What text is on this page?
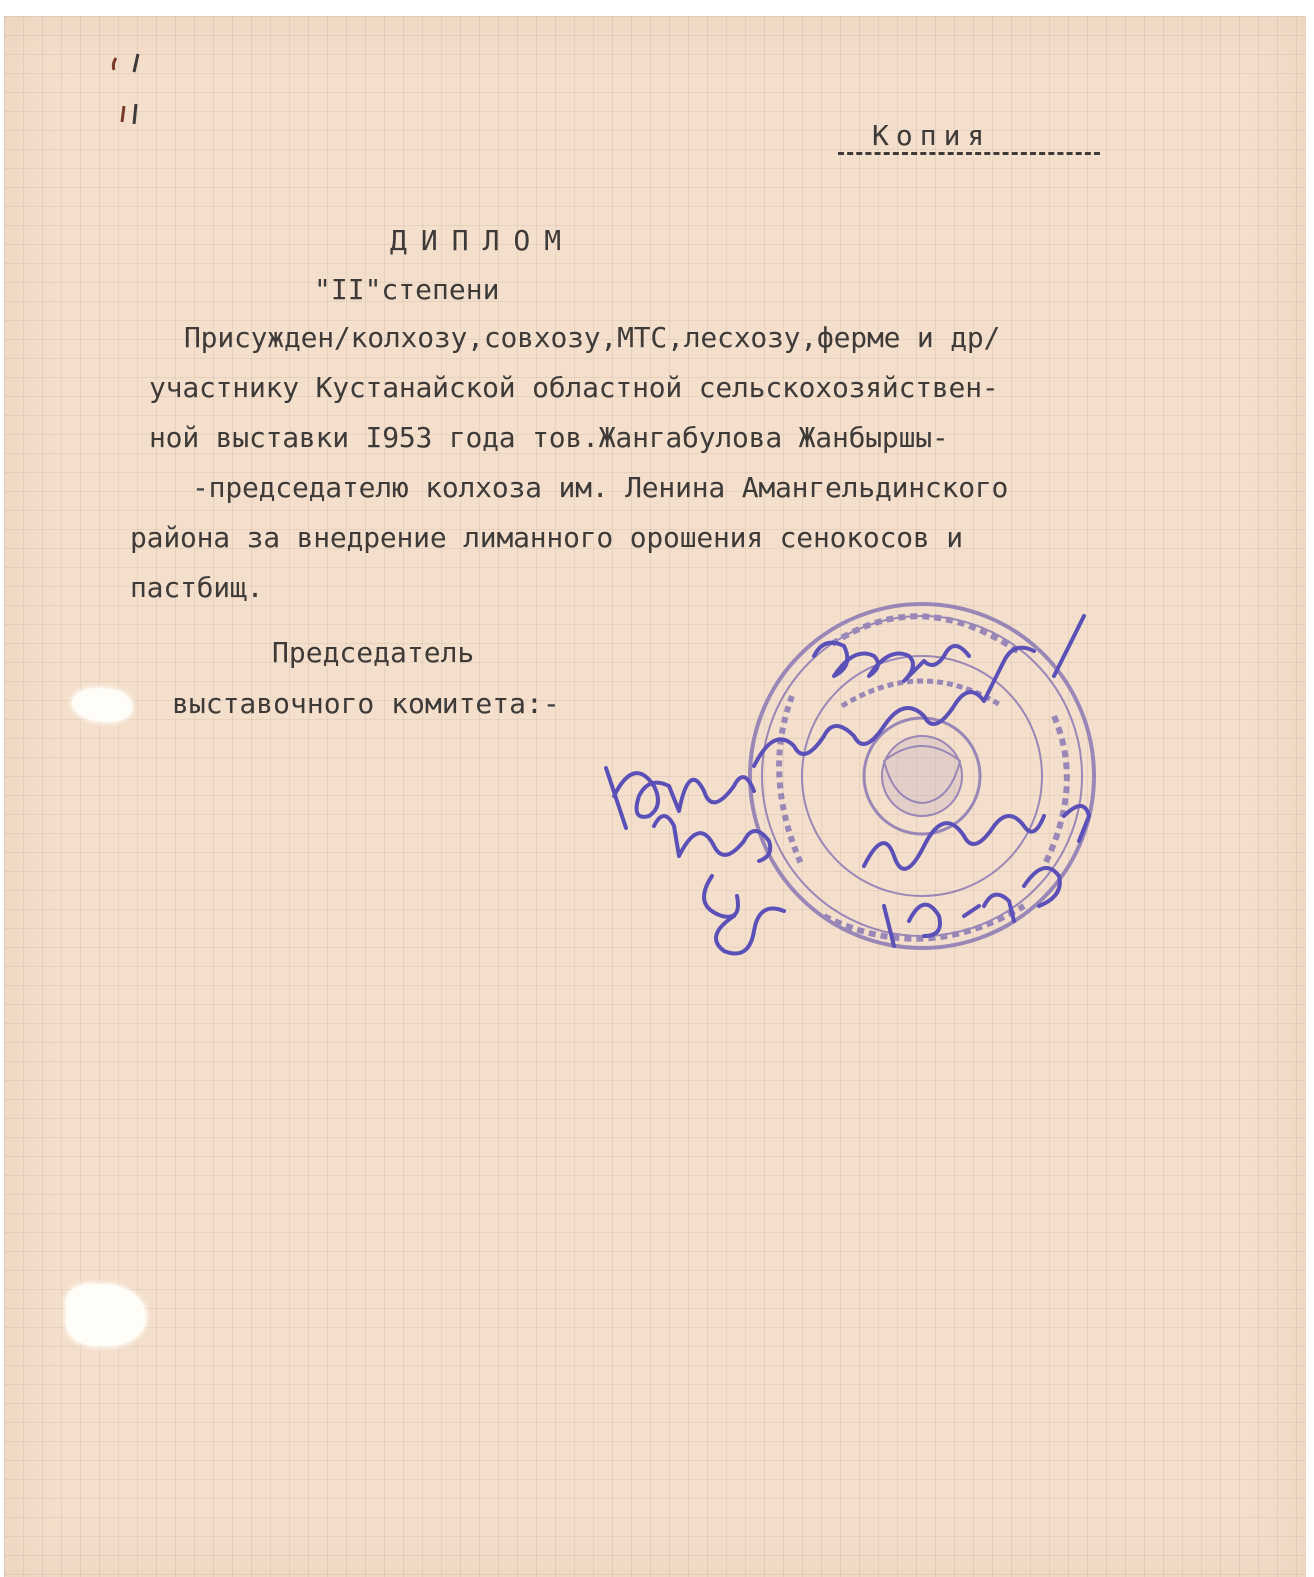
Копия
ДИПЛОМ
"II"степени
Присужден/колхозу,совхозу,МТС,лесхозу,ферме и др/
участнику Кустанайской областной сельскохозяйствен-
ной выставки I953 года тов.Жангабулова Жанбыршы-
-председателю колхоза им. Ленина Амангельдинского
района за внедрение лиманного орошения сенокосов и
пастбищ.
Председатель
выставочного комитета:-
